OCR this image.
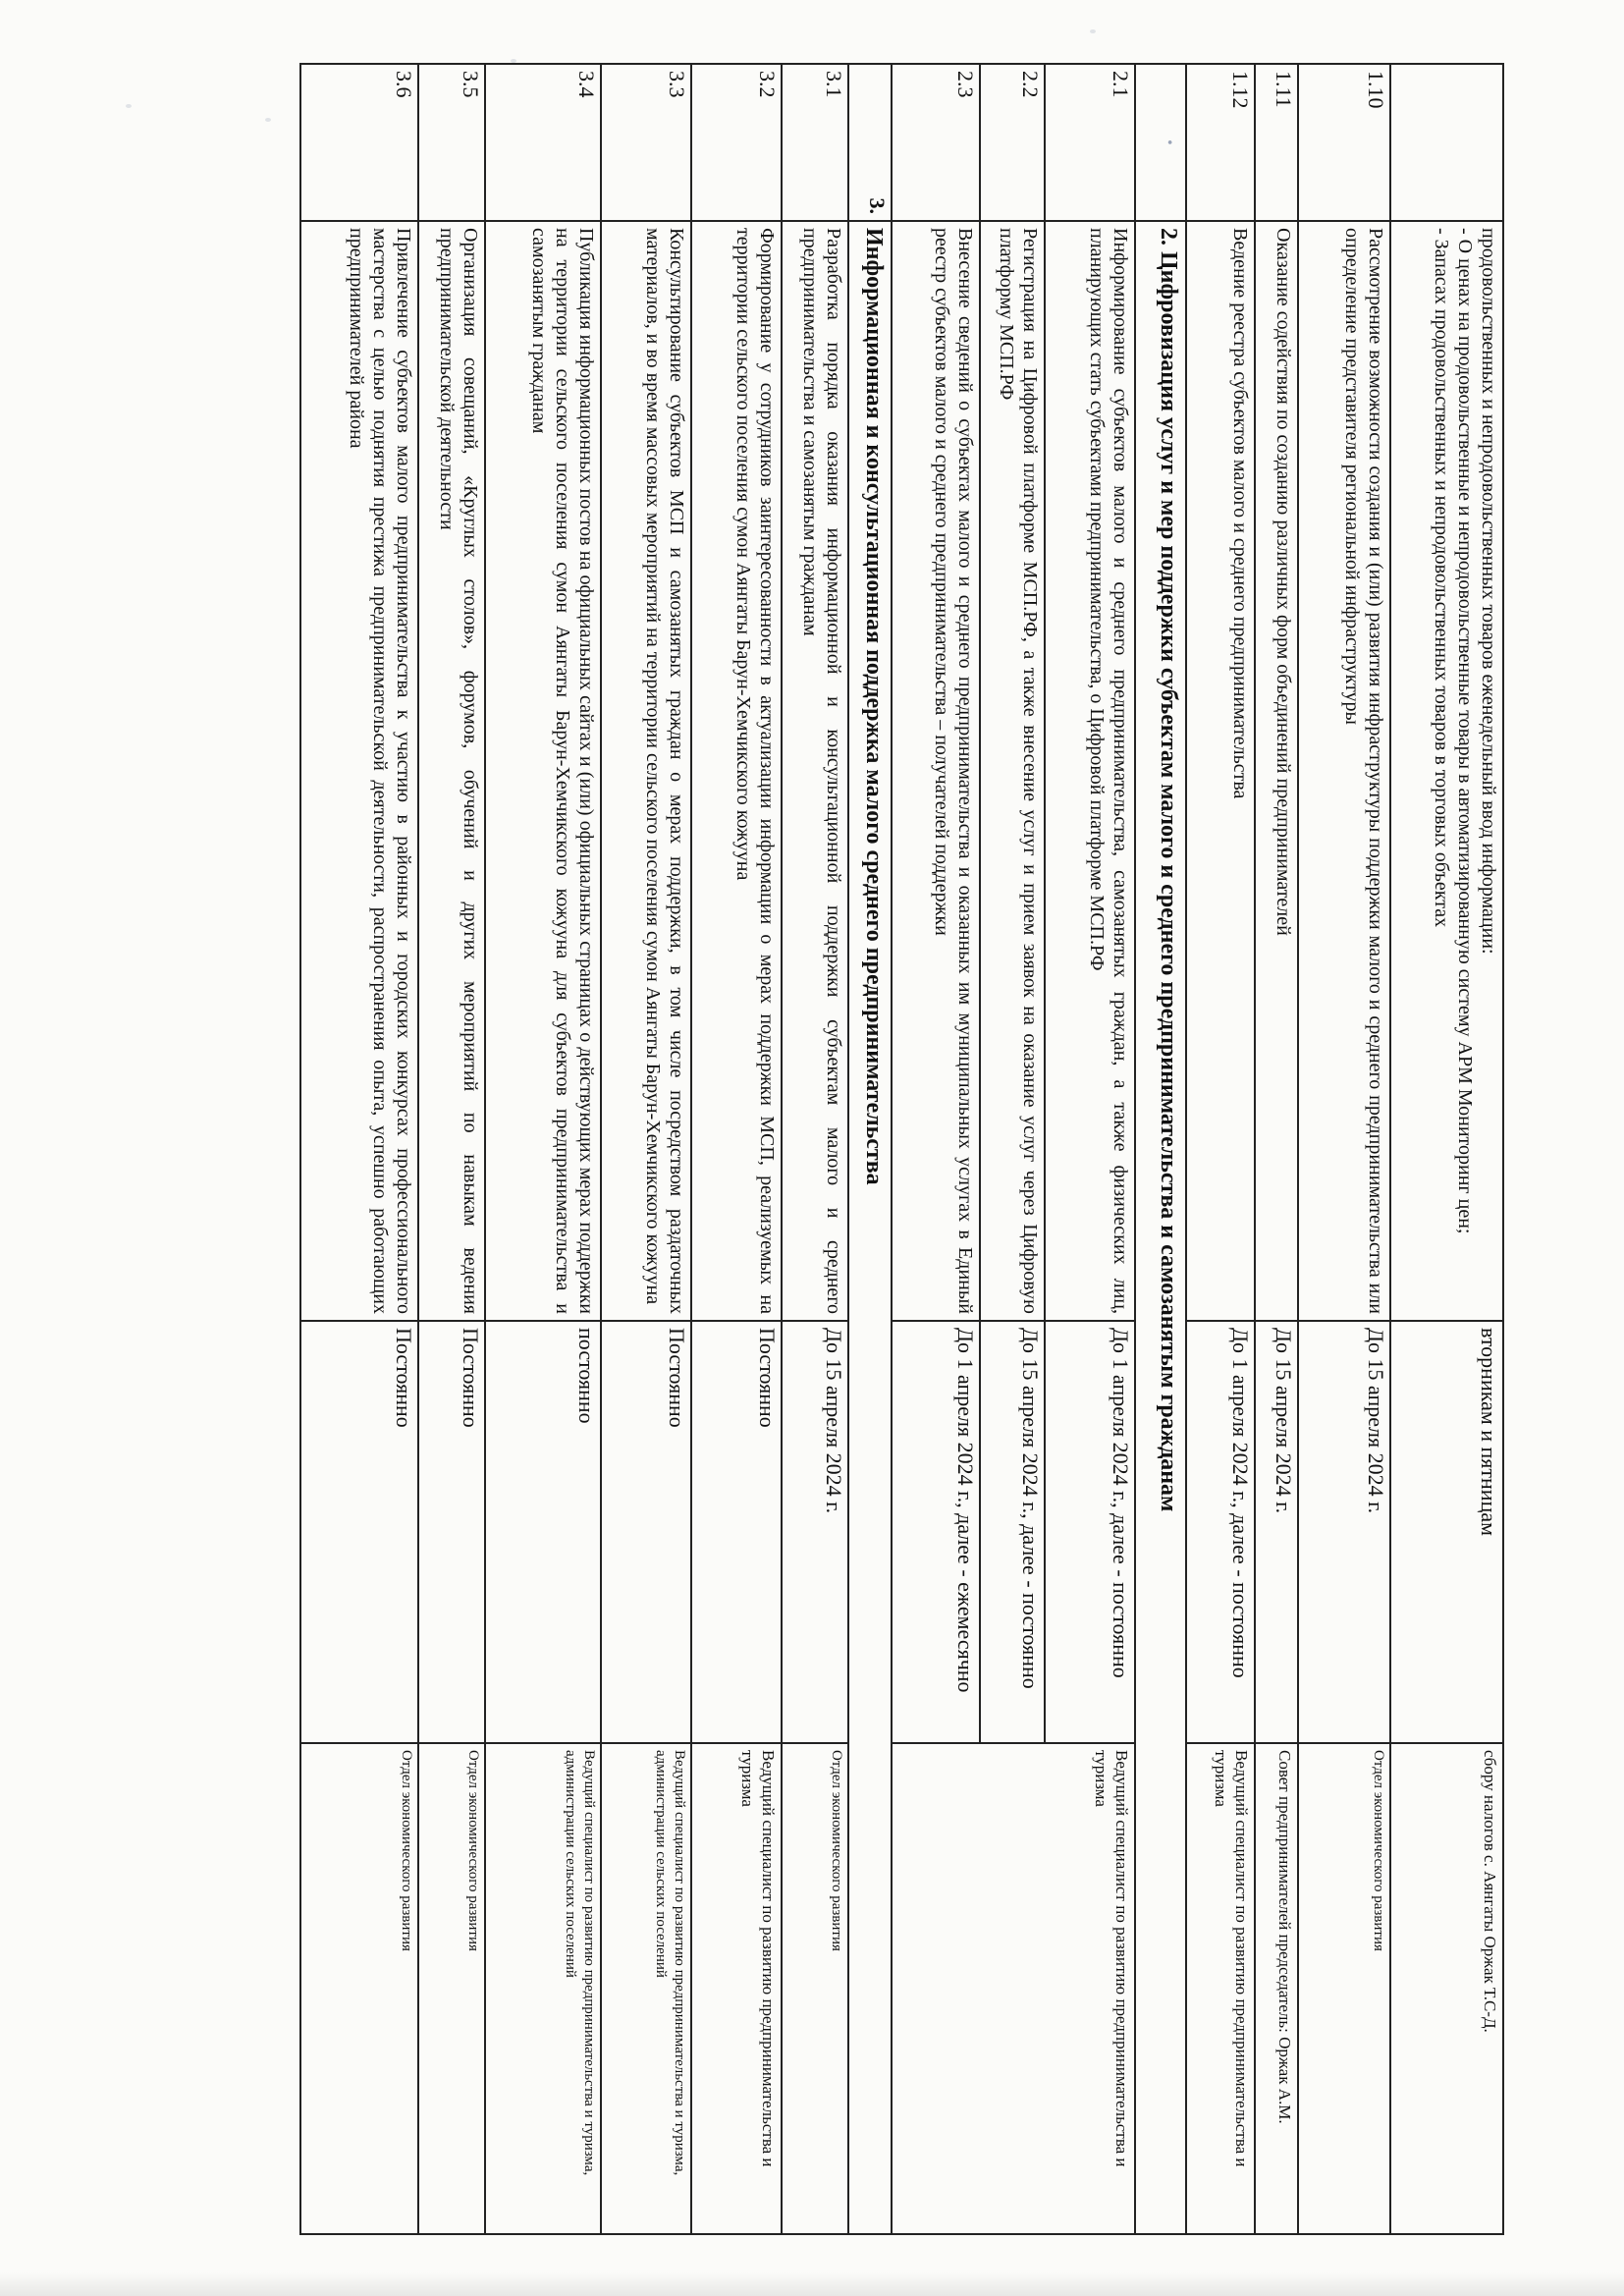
	продовольственных и непродовольственных товаров еженедельный ввод информации:
- О ценах на продовольственные и непродовольственные товары в автоматизированную систему АРМ Мониторинг цен;
- Запасах продовольственных и непродовольственных товаров в торговых объектах	вторникам и пятницам	сбору налогов с. Аянгаты Оржак Т.С-Д.
1.10	Рассмотрение возможности создания и (или) развития инфраструктуры поддержки малого и среднего предпринимательства или определение представителя региональной инфраструктуры	До 15 апреля 2024 г.	Отдел экономического развития
1.11	Оказание содействия по созданию различных форм объединений предпринимателей	До 15 апреля 2024 г.	Совет предпринимателей председатель: Оржак А.М.
1.12	Ведение реестра субъектов малого и среднего предпринимательства	До 1 апреля 2024 г., далее - постоянно	Ведущий специалист по развитию предпринимательства и туризма
•	2. Цифровизация услуг и мер поддержки субъектам малого и среднего предпринимательства и самозанятым гражданам		
2.1	Информирование субъектов малого и среднего предпринимательства, самозанятых граждан, а также физических лиц, планирующих стать субъектами предпринимательства, о Цифровой платформе МСП.РФ	До 1 апреля 2024 г., далее - постоянно	Ведущий специалист по развитию предпринимательства и туризма
2.2	Регистрация на Цифровой платформе МСП.РФ, а также внесение услуг и прием заявок на оказание услуг через Цифровую платформу МСП.РФ	До 15 апреля 2024 г., далее - постоянно	
2.3	Внесение сведений о субъектах малого и среднего предпринимательства и оказанных им муниципальных услугах в Единый реестр субъектов малого и среднего предпринимательства – получателей поддержки	До 1 апреля 2024 г., далее - ежемесячно	
3.	Информационная и консультационная поддержка малого среднего предпринимательства		
3.1	Разработка порядка оказания информационной и консультационной поддержки субъектам малого и среднего предпринимательства и самозанятым гражданам	До 15 апреля 2024 г.	Отдел экономического развития
3.2	Формирование у сотрудников заинтересованности в актуализации информации о мерах поддержки МСП, реализуемых на территории сельского поселения сумон Аянгаты Барун-Хемчикского кожууна	Постоянно	Ведущий специалист по развитию предпринимательства и туризма
3.3	Консультирование субъектов МСП и самозанятых граждан о мерах поддержки, в том числе посредством раздаточных материалов, и во время массовых мероприятий на территории сельского поселения сумон Аянгаты Барун-Хемчикского кожууна	Постоянно	Ведущий специалист по развитию предпринимательства и туризма, администрации сельских поселений
3.4	Публикация информационных постов на официальных сайтах и (или) официальных страницах о действующих мерах поддержки на территории сельского поселения сумон Аянгаты Барун-Хемчикского кожууна для субъектов предпринимательства и самозанятым гражданам	постоянно	Ведущий специалист по развитию предпринимательства и туризма, администрации сельских поселений
3.5	Организация совещаний, «Круглых столов», форумов, обучений и других мероприятий по навыкам ведения предпринимательской деятельности	Постоянно	Отдел экономического развития
3.6	Привлечение субъектов малого предпринимательства к участию в районных и городских конкурсах профессионального мастерства с целью поднятия престижа предпринимательской деятельности, распространения опыта, успешно работающих предпринимателей района	Постоянно	Отдел экономического развития
